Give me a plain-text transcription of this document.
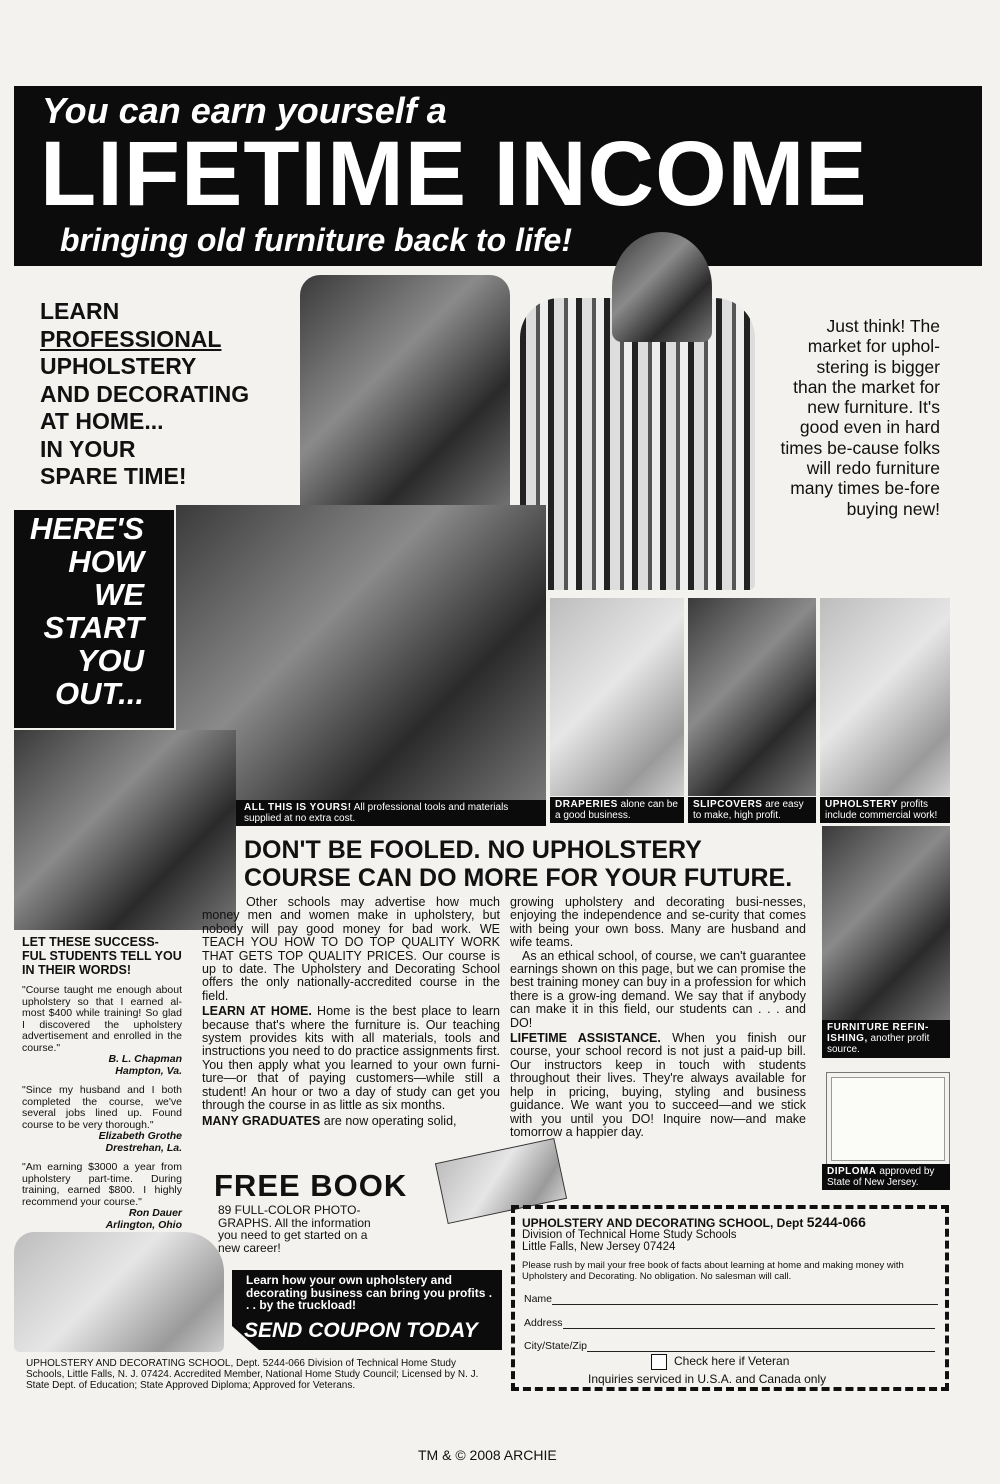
You can earn yourself a
LIFETIME INCOME
bringing old furniture back to life!
LEARN
PROFESSIONAL
UPHOLSTERY
AND DECORATING
AT HOME...
IN YOUR
SPARE TIME!
Just think! The market for uphol-stering is bigger than the market for new furniture. It's good even in hard times be-cause folks will redo furniture many times be-fore buying new!
HERE'S
HOW
WE
START
YOU
OUT...
ALL THIS IS YOURS! All professional tools and materials supplied at no extra cost.
DRAPERIES alone can be a good business.
SLIPCOVERS are easy to make, high profit.
UPHOLSTERY profits include commercial work!
DON'T BE FOOLED. NO UPHOLSTERY
COURSE CAN DO MORE FOR YOUR FUTURE.
FURNITURE REFIN-ISHING, another profit source.
DIPLOMA approved by State of New Jersey.
LET THESE SUCCESS-FUL STUDENTS TELL YOU IN THEIR WORDS!
"Course taught me enough about upholstery so that I earned al-most $400 while training! So glad I discovered the upholstery advertisement and enrolled in the course."
B. L. Chapman
Hampton, Va.
"Since my husband and I both completed the course, we've several jobs lined up. Found course to be very thorough."
Elizabeth Grothe
Drestrehan, La.
"Am earning $3000 a year from upholstery part-time. During training, earned $800. I highly recommend your course."
Ron Dauer
Arlington, Ohio

Other schools may advertise how much money men and women make in upholstery, but nobody will pay good money for bad work. WE TEACH YOU HOW TO DO TOP QUALITY WORK THAT GETS TOP QUALITY PRICES. Our course is up to date. The Upholstery and Decorating School offers the only nationally-accredited course in the field.

LEARN AT HOME. Home is the best place to learn because that's where the furniture is. Our teaching system provides kits with all materials, tools and instructions you need to do practice assignments first. You then apply what you learned to your own furni-ture—or that of paying customers—while still a student! An hour or two a day of study can get you through the course in as little as six months.

MANY GRADUATES are now operating solid,

growing upholstery and decorating busi-nesses, enjoying the independence and se-curity that comes with being your own boss. Many are husband and wife teams.

As an ethical school, of course, we can't guarantee earnings shown on this page, but we can promise the best training money can buy in a profession for which there is a grow-ing demand. We say that if anybody can make it in this field, our students can . . . and DO!

LIFETIME ASSISTANCE. When you finish our course, your school record is not just a paid-up bill. Our instructors keep in touch with students throughout their lives. They're always available for help in pricing, buying, styling and business guidance. We want you to succeed—and we stick with you until you DO! Inquire now—and make tomorrow a happier day.

FREE BOOK
89 FULL-COLOR PHOTO-GRAPHS. All the information you need to get started on a new career!
Learn how your own upholstery and decorating business can bring you profits . . . by the truckload!
SEND COUPON TODAY
UPHOLSTERY AND DECORATING SCHOOL, Dept. 5244-066 Division of Technical Home Study Schools, Little Falls, N. J. 07424. Accredited Member, National Home Study Council; Licensed by N. J. State Dept. of Education; State Approved Diploma; Approved for Veterans.
UPHOLSTERY AND DECORATING SCHOOL, Dept 5244-066
Division of Technical Home Study Schools
Little Falls, New Jersey 07424
Please rush by mail your free book of facts about learning at home and making money with Upholstery and Decorating. No obligation. No salesman will call.
Name
Address
City/State/Zip
Check here if Veteran
Inquiries serviced in U.S.A. and Canada only
TM & © 2008 ARCHIE
